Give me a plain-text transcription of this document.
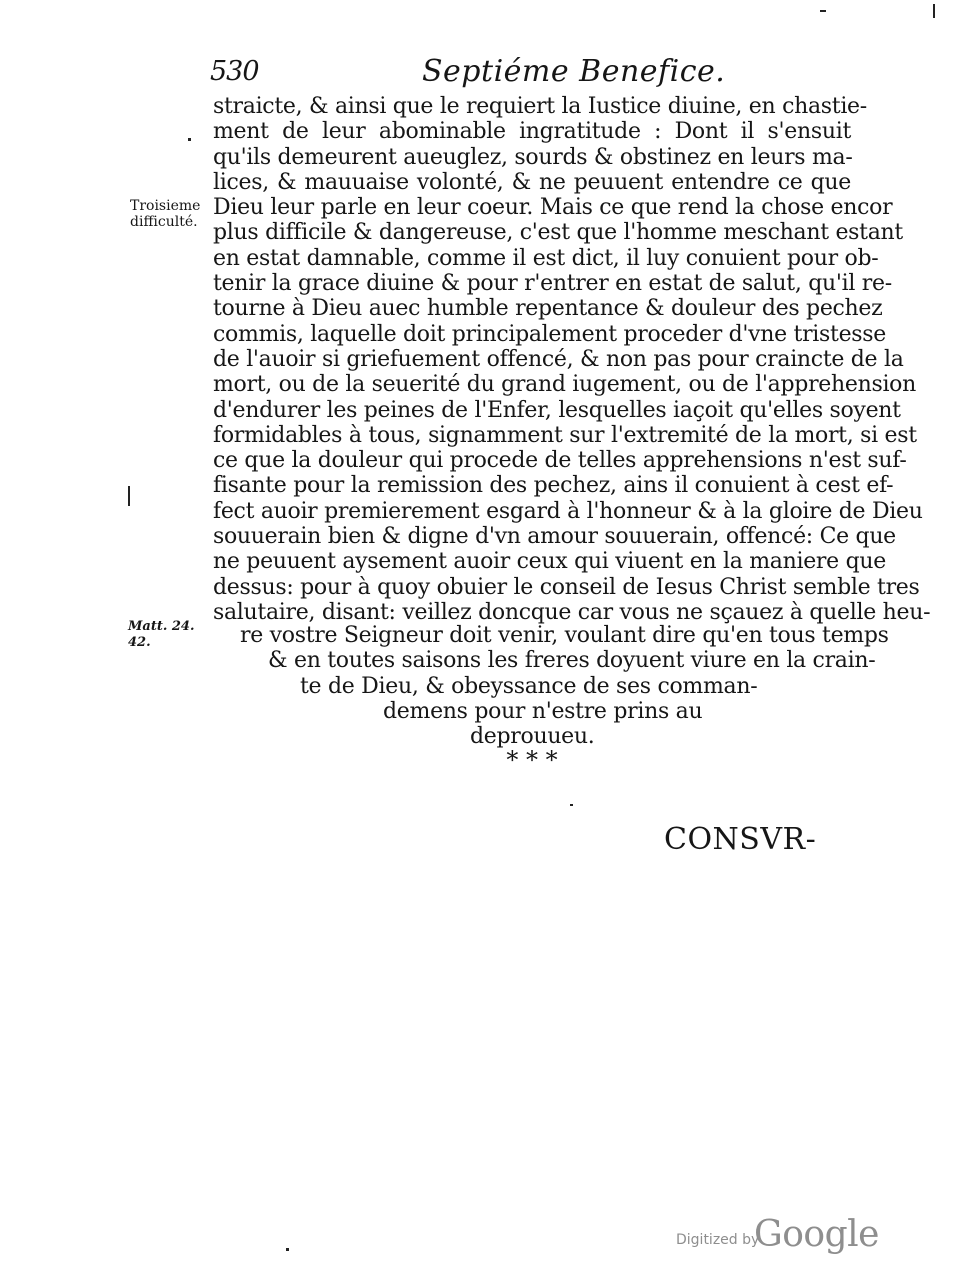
530	Septiéme Benefice.
Troisieme
difficulté.
Matt. 24.
42.
straicte, & ainsi que le requiert la Iustice diuine, en chastie-
ment de leur abominable ingratitude : Dont il s'ensuit
qu'ils demeurent aueuglez, sourds & obstinez en leurs ma-
lices, & mauuaise volonté, & ne peuuent entendre ce que
Dieu leur parle en leur coeur. Mais ce que rend la chose encor
plus difficile & dangereuse, c'est que l'homme meschant estant
en estat damnable, comme il est dict, il luy conuient pour ob-
tenir la grace diuine & pour r'entrer en estat de salut, qu'il re-
tourne à Dieu auec humble repentance & douleur des pechez
commis, laquelle doit principalement proceder d'vne tristesse
de l'auoir si griefuement offencé, & non pas pour craincte de la
mort, ou de la seuerité du grand iugement, ou de l'apprehension
d'endurer les peines de l'Enfer, lesquelles iaçoit qu'elles soyent
formidables à tous, signamment sur l'extremité de la mort, si est
ce que la douleur qui procede de telles apprehensions n'est suf-
fisante pour la remission des pechez, ains il conuient à cest ef-
fect auoir premierement esgard à l'honneur & à la gloire de Dieu
souuerain bien & digne d'vn amour souuerain, offencé: Ce que
ne peuuent aysement auoir ceux qui viuent en la maniere que
dessus: pour à quoy obuier le conseil de Iesus Christ semble tres
salutaire, disant: veillez doncque car vous ne sçauez à quelle heu-
re vostre Seigneur doit venir, voulant dire qu'en tous temps
& en toutes saisons les freres doyuent viure en la crain-
te de Dieu, & obeyssance de ses comman-
demens pour n'estre prins au
deprouueu.
* * *
CONSVR-
Digitized by
Google
